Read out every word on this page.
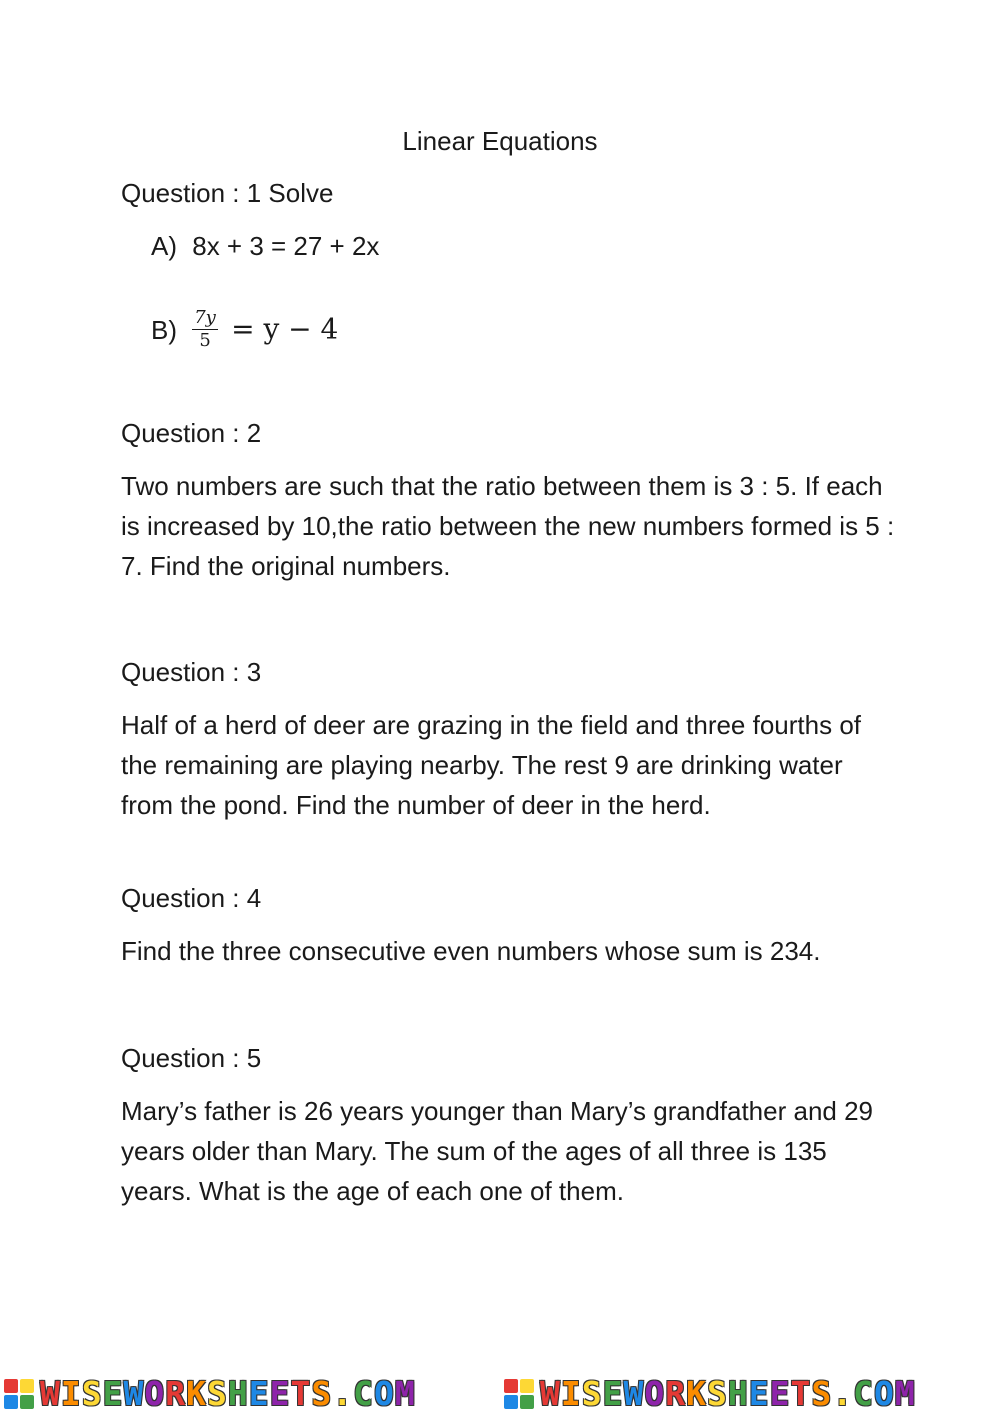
Linear Equations
Question : 1 Solve
A) 8x + 3 = 27 + 2x
$B) \frac{7y}{5} = y - 4$
Question : 2
Two numbers are such that the ratio between them is 3 : 5. If each is increased by 10,the ratio between the new numbers formed is 5 : 7. Find the original numbers.
Question : 3
Half of a herd of deer are grazing in the field and three fourths of the remaining are playing nearby. The rest 9 are drinking water from the pond. Find the number of deer in the herd.
Question : 4
Find the three consecutive even numbers whose sum is 234.
Question : 5
Mary’s father is 26 years younger than Mary’s grandfather and 29 years older than Mary. The sum of the ages of all three is 135 years. What is the age of each one of them.
WISEWORKSHEETS.COM	WISEWORKSHEETS.COM
